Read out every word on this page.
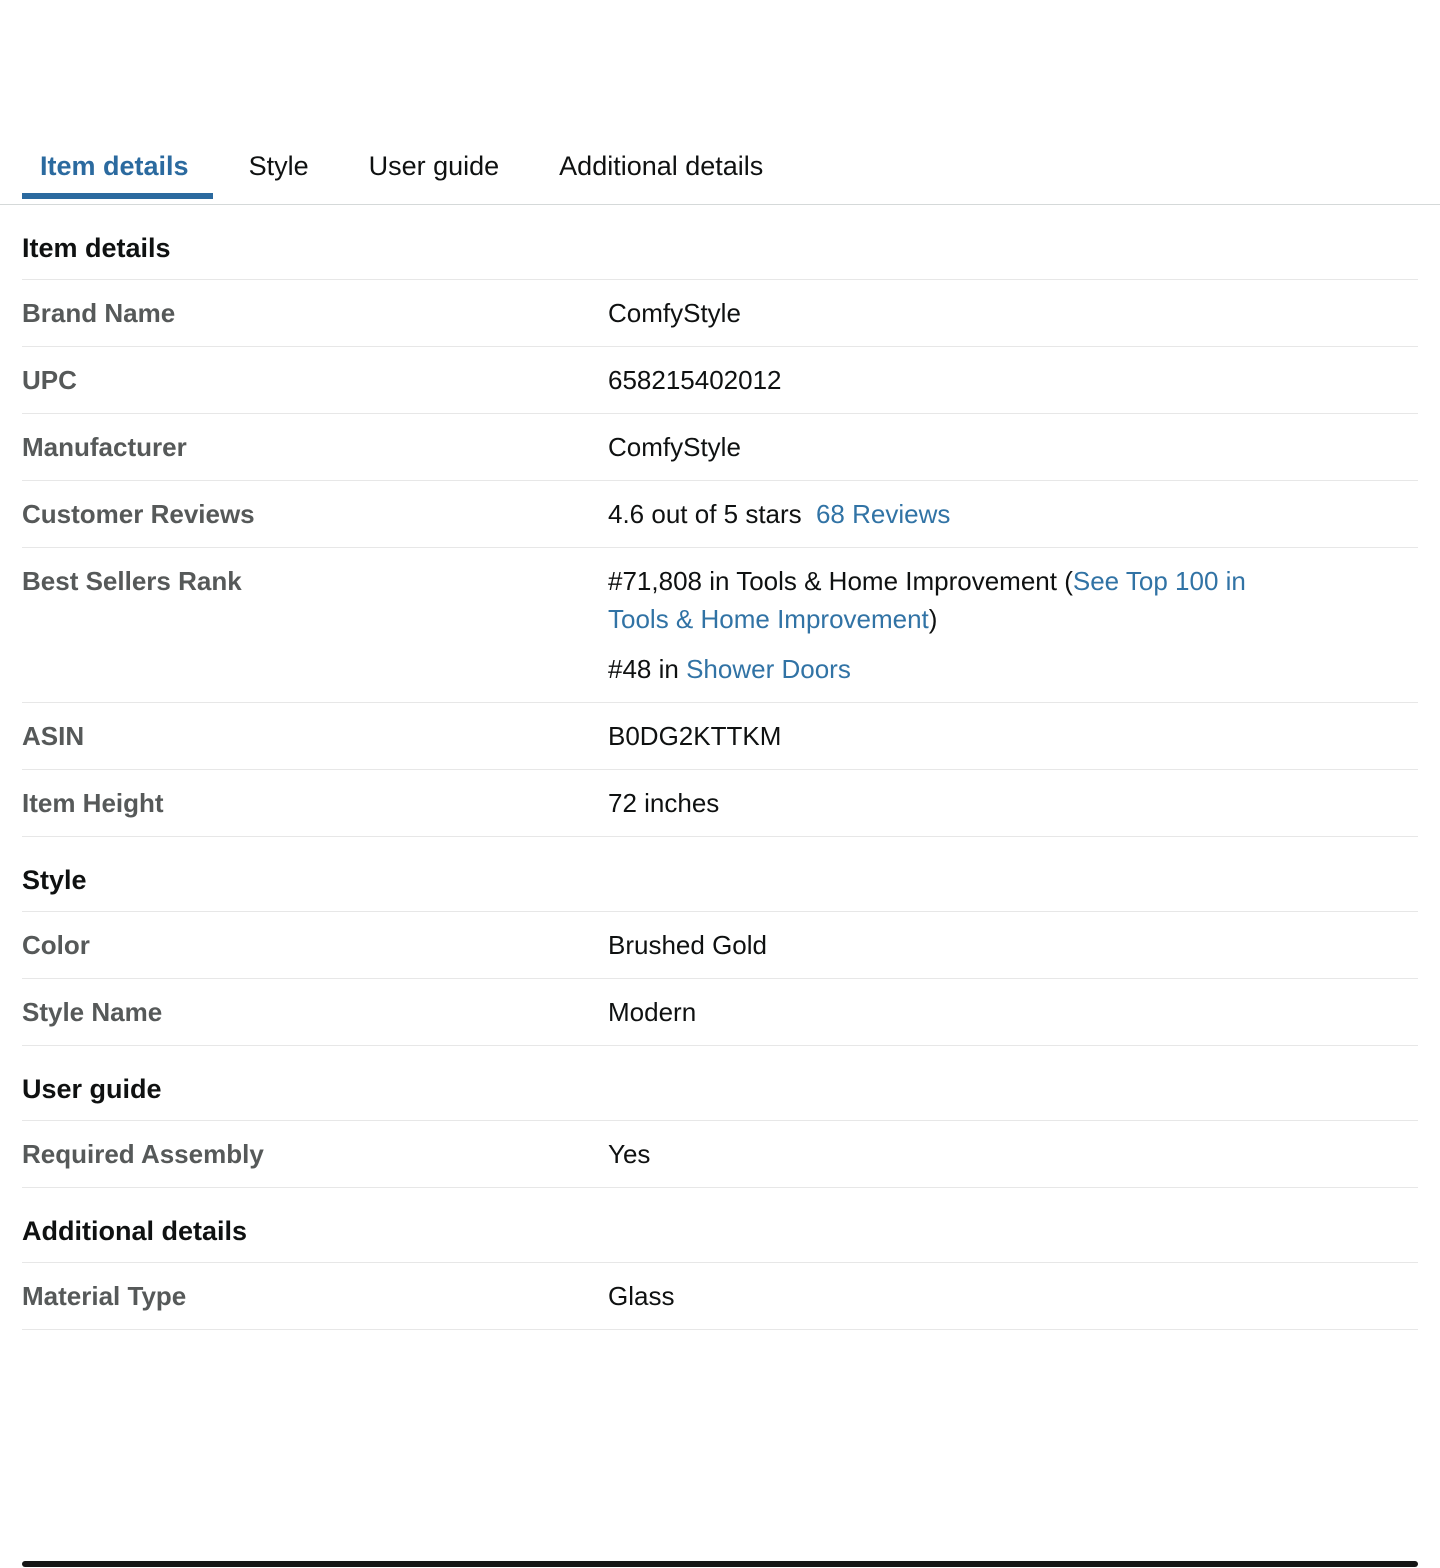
Item details	Style	User guide	Additional details
Item details
Brand Name	ComfyStyle
UPC	658215402012
Manufacturer	ComfyStyle
Customer Reviews	4.6 out of 5 stars 68 Reviews
Best Sellers Rank	#71,808 in Tools & Home Improvement (See Top 100 in
Tools & Home Improvement)
#48 in Shower Doors
ASIN	B0DG2KTTKM
Item Height	72 inches
Style
Color	Brushed Gold
Style Name	Modern
User guide
Required Assembly	Yes
Additional details
Material Type	Glass
